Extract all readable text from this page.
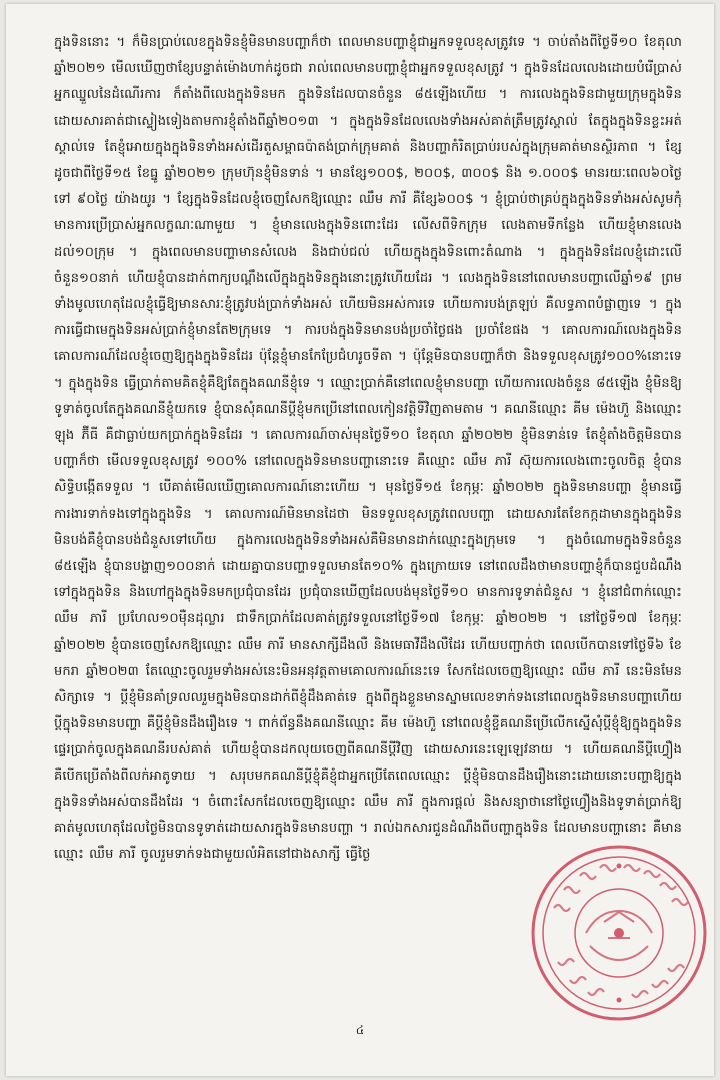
ក្នុងទិននោះ ។ ក៏មិនប្រាប់លេខក្នុងទិនខ្ញុំមិនមានបញ្ហាក៏ថា ពេលមានបញ្ហាខ្ញុំជាអ្នកទទួលខុសត្រូវទេ ។ ចាប់តាំងពីថ្ងៃទី១០ ខែតុលា ឆ្នាំ២០២១ មើលឃើញថាខ្សែបន្ទាត់ម៉ោងហាក់ដូចជា រាល់ពេលមានបញ្ហាខ្ញុំជាអ្នកទទួលខុសត្រូវ ។ ក្នុងទិនដែលលេងដោយបំរើប្រាស់អ្នកឈ្នួលនៃដំណើរការ ក៏តាំងពីលេងក្នុងទិនមក ក្នុងទិនដែលបានចំនួន ៨៥ឡើងហើយ ។ ការលេងក្នុងទិនជាមួយក្រុមក្នុងទិនដោយសារគាត់ជាស្ទៀងទៀងតាមការខ្ញុំតាំងពីឆ្នាំ២០១៣ ។ ក្នុងក្នុងទិនដែលលេងទាំងអស់គាត់ត្រឹមត្រូវស្គាល់ តែក្នុងក្នុងទិនខ្លះអត់ស្គាល់ទេ តែខ្ញុំអោយក្នុងក្នុងទិនទាំងអស់ដើរតួសម្ពាធប៉ាតង់ប្រាក់ក្រុមគាត់ និងបញ្ហាកំរិតប្រាប់របស់ក្នុងក្រុមគាត់មានស្ថិរភាព ។ ខ្សែដូចជាពីថ្ងៃទី១៥ ខែធ្នូ ឆ្នាំ២០២១ ក្រុមហ៊ុនខ្ញុំមិនទាន់ ។ មានខ្សែ១០០$, ២០០$, ៣០០$ និង ១.០០០$ មានរយៈពេល៦០ថ្ងៃ ទៅ ៩០ថ្ងៃ យ៉ាងយូរ ។ ខ្សែក្នុងទិនដែលខ្ញុំចេញសែកឱ្យឈ្មោះ ឈឹម ភារី គឺខ្សែ៦០០$ ។ ខ្ញុំប្រាប់ថាគ្រប់ក្នុងក្នុងទិនទាំងអស់សូមកុំមានការប្រើប្រាស់អ្នកលក្ខណៈណាមួយ ។ ខ្ញុំមានលេងក្នុងទិនពោះដែរ លើសពីទិកក្រុម លេងតាមទីកន្លែង ហើយខ្ញុំមានលេងដល់១០ក្រុម ។ ក្នុងពេលមានបញ្ហាមានសំលេង និងជាប់ជល់ ហើយក្នុងក្នុងទិនពោះតំណាង ។ ក្នុងក្នុងទិនដែលខ្ញុំដោះលើចំនួន១០នាក់ ហើយខ្ញុំបានដាក់ពាក្យបណ្ដឹងលើក្នុងក្នុងទិនក្នុងនោះត្រូវហើយដែរ ។ លេងក្នុងទិននៅពេលមានបញ្ហាលើឆ្នាំ១៩ ព្រមទាំងមូលហេតុដែលខ្ញុំធ្វើឱ្យមានសារៈខ្ញុំត្រូវបង់ប្រាក់ទាំងអស់ ហើយមិនអស់ការទេ ហើយការបង់ត្រឡប់ គឺលទ្ធភាពបំផ្លាញទេ ។ ក្នុងការធ្វើជាមេក្នុងទិនអស់ប្រាក់ខ្ញុំមានតែ២ក្រុមទេ ។ ការបង់ក្នុងទិនមានបង់ប្រចាំថ្ងៃផង ប្រចាំខែផង ។ គោលការណ៍លេងក្នុងទិនគោលការណ៍ដែលខ្ញុំចេញឱ្យក្នុងក្នុងទិនដែរ ប៉ុន្តែខ្ញុំមានកែប្រែជំហរូចទីតា ។ ប៉ុន្តែមិនបានបញ្ហាក៏ថា និងទទួលខុសត្រូវ១០០%នោះទេ ។ ក្នុងក្នុងទិន ធ្វើប្រាក់តាមគិតខ្ញុំគឺឱ្យតែក្នុងគណនីខ្ញុំទេ ។ ឈ្មោះប្រាក់គឺនៅពេលខ្ញុំមានបញ្ហា ហើយការលេងចំនួន ៨៥ឡើង ខ្ញុំមិនឱ្យទូទាត់ចូលតែក្នុងគណនីខ្ញុំយកទេ ខ្ញុំបានសុំគណនីប្ដីខ្ញុំមកប្រើនៅពេលកៀនវត្តិទីវិញតាមតាម ។ គណនីឈ្មោះ គីម ម៉េងហ៊ួ និងឈ្មោះ ឡុង ភ៊ីធី គឺជាធ្លាប់យកប្រាក់ក្នុងទិនដែរ ។ គោលការណ៍ចាស់មុនថ្ងៃទី១០ ខែតុលា ឆ្នាំ២០២២ ខ្ញុំមិនទាន់ទេ តែខ្ញុំតាំងចិត្តមិនបានបញ្ហាក៏ថា មើលទទួលខុសត្រូវ ១០០% នៅពេលក្នុងទិនមានបញ្ហានោះទេ គឺឈ្មោះ ឈឹម ភារី ស៊ុយការលេងពោះចូលចិត្ត ខ្ញុំបានសិទ្ធិបង្កើតទទួល ។ បើគាត់មើលឃើញគោលការណ៍នោះហើយ ។ មុនថ្ងៃទី១៥ ខែកុម្ភៈ ឆ្នាំ២០២២ ក្នុងទិនមានបញ្ហា ខ្ញុំមានធ្វើការងារទាក់ទងទៅក្នុងក្នុងទិន ។ គោលការណ៍មិនមានដៃថា មិនទទួលខុសត្រូវពេលបញ្ហា ដោយសារតែខែកក្កដាមានក្នុងក្នុងទិនមិនបង់គឺខ្ញុំបានបង់ជំនួសទៅហើយ ក្នុងការលេងក្នុងទិនទាំងអស់គឺមិនមានដាក់ឈ្មោះក្នុងក្រុមទេ ។ ក្នុងចំណោមក្នុងទិនចំនួន ៨៥ឡើង ខ្ញុំបានបង្ហាញ១០០នាក់ ដោយគ្នាបានបញ្ហាទទួលមានតែ១០% ក្នុងក្រោយទេ នៅពេលដឹងថាមានបញ្ហាខ្ញុំក៏បានជួបដំណឹងទៅក្នុងក្នុងទិន និងហៅក្នុងក្នុងទិនមកប្រជុំបានដែរ ប្រជុំបានឃើញដែលបង់មុនថ្ងៃទី១០ មានការទូទាត់ជំនួស ។ ខ្ញុំនៅជំពាក់ឈ្មោះ ឈឹម ភារី ប្រហែល១០ម៉ឺនដុល្លារ ជាទឹកប្រាក់ដែលគាត់ត្រូវទទួលនៅថ្ងៃទី១៧ ខែកុម្ភៈ ឆ្នាំ២០២២ ។ នៅថ្ងៃទី១៧ ខែកុម្ភៈ ឆ្នាំ២០២២ ខ្ញុំបានចេញសែកឱ្យឈ្មោះ ឈឹម ភារី មានសាក្សីដឹងលឺ និងមេធាវីដឹងលឺដែរ ហើយបញ្ជាក់ថា ពេលបើកបានទៅថ្ងៃទី៦ ខែមករា ឆ្នាំ២០២៣ តែឈ្មោះចូលរួមទាំងអស់នេះមិនអនុវត្តតាមគោលការណ៍នេះទេ សែកដែលចេញឱ្យឈ្មោះ ឈឹម ភារី នេះមិនមែនសិក្សាទេ ។ ប្ដីខ្ញុំមិនគាំទ្រលលរួមក្នុងមិនបានដាក់ពីខ្ញុំដឹងគាត់ទេ ក្នុងពីក្នុងខ្លួនមានស្នាមលេខទាក់ទងនៅពេលក្នុងទិនមានបញ្ហាហើយ ប្ដីក្នុងទិនមានបញ្ហា គឺប្ដីខ្ញុំមិនដឹងរឿងទេ ។ ពាក់ព័ន្ធនឹងគណនីឈ្មោះ គីម ម៉េងហ៊ួ នៅពេលខ្ញុំខ្ចីគណនីប្រើលើកស្នើសុំប្ដីខ្ញុំឱ្យក្នុងក្នុងទិនផ្ទេរប្រាក់ចូលក្នុងគណនីរបស់គាត់ ហើយខ្ញុំបានដកលុយចេញពីគណនីប្ដីវិញ ដោយសារនេះឡេឡេវនាយ ។ ហើយគណនីប្ដីហ្វឿង គឺបើកប្រើតាំងពីលក់អាតូទាយ ។ សរុបមកគណនីប្ដីខ្ញុំគឺខ្ញុំជាអ្នកប្រើតែពេលឈ្មោះ ប្ដីខ្ញុំមិនបានដឹងរឿងនោះដោយនោះបញ្ហាឱ្យក្នុងក្នុងទិនទាំងអស់បានដឹងដែរ ។ ចំពោះសែកដែលចេញឱ្យឈ្មោះ ឈឹម ភារី ក្នុងការផ្ដល់ និងសន្យាថានៅថ្ងៃហ្វឿងនិងទូទាត់ប្រាក់ឱ្យគាត់មូលហេតុដែលថ្ងៃមិនបានទូទាត់ដោយសារក្នុងទិនមានបញ្ហា ។ រាល់ឯកសារជួនដំណឹងពីបញ្ហាក្នុងទិន ដែលមានបញ្ហានោះ គឺមានឈ្មោះ ឈឹម ភារី ចូលរួមទាក់ទងជាមួយលំអិតនៅជាងសាក្សី ធ្វើថ្ងៃ

៤
